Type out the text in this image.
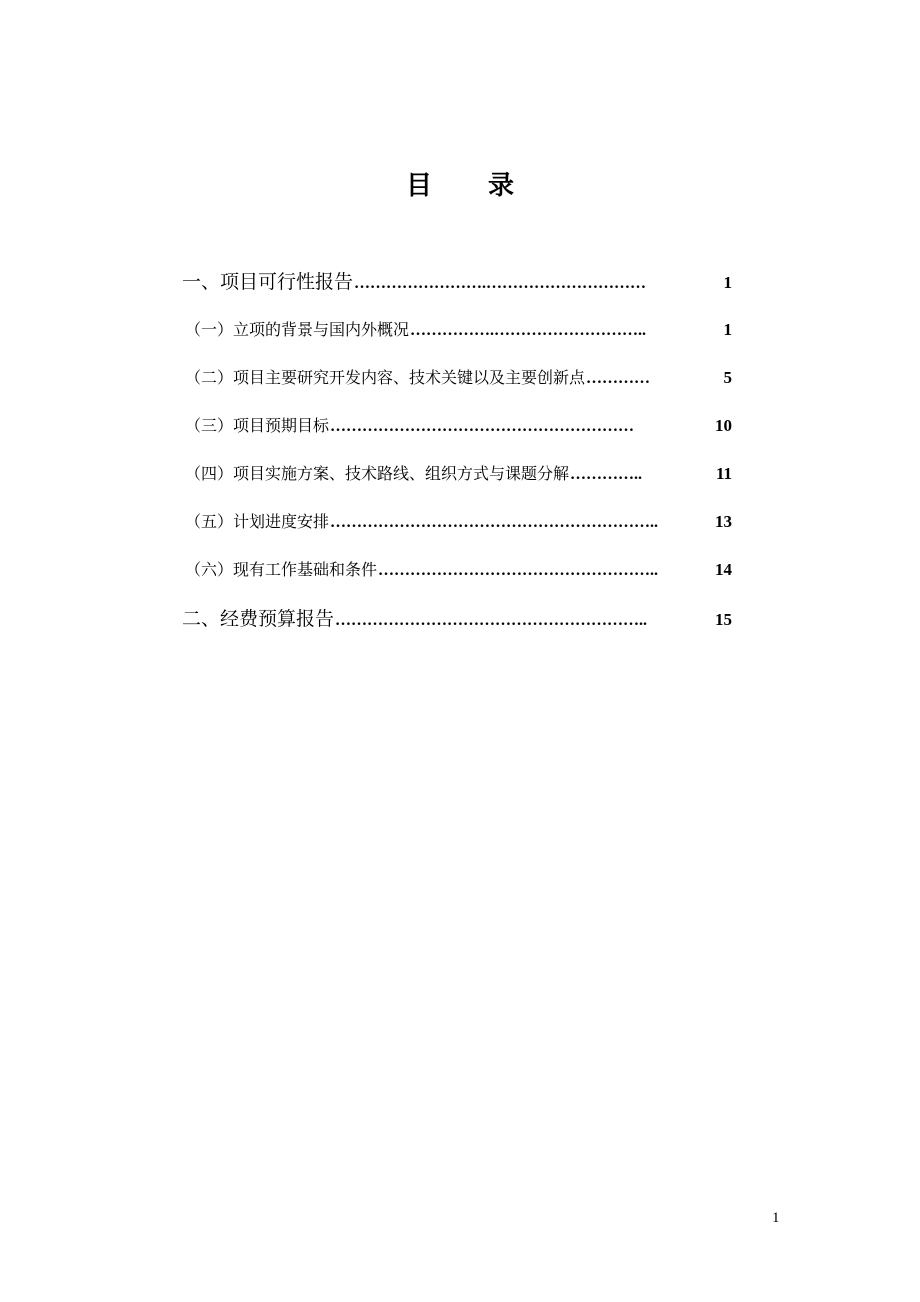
目 录
一、项目可行性报告 …………………….…………………………	1
（一）立项的背景与国内外概况 …………….………………………..	1
（二）项目主要研究开发内容、技术关键以及主要创新点 …………	5
（三）项目预期目标 …………………………………………………	10
（四）项目实施方案、技术路线、组织方式与课题分解 …………..	11
（五）计划进度安排 ……………………………………………………..	13
（六）现有工作基础和条件 ……………………………………………..	14
二、经费预算报告 …………………………………………………..	15
1
